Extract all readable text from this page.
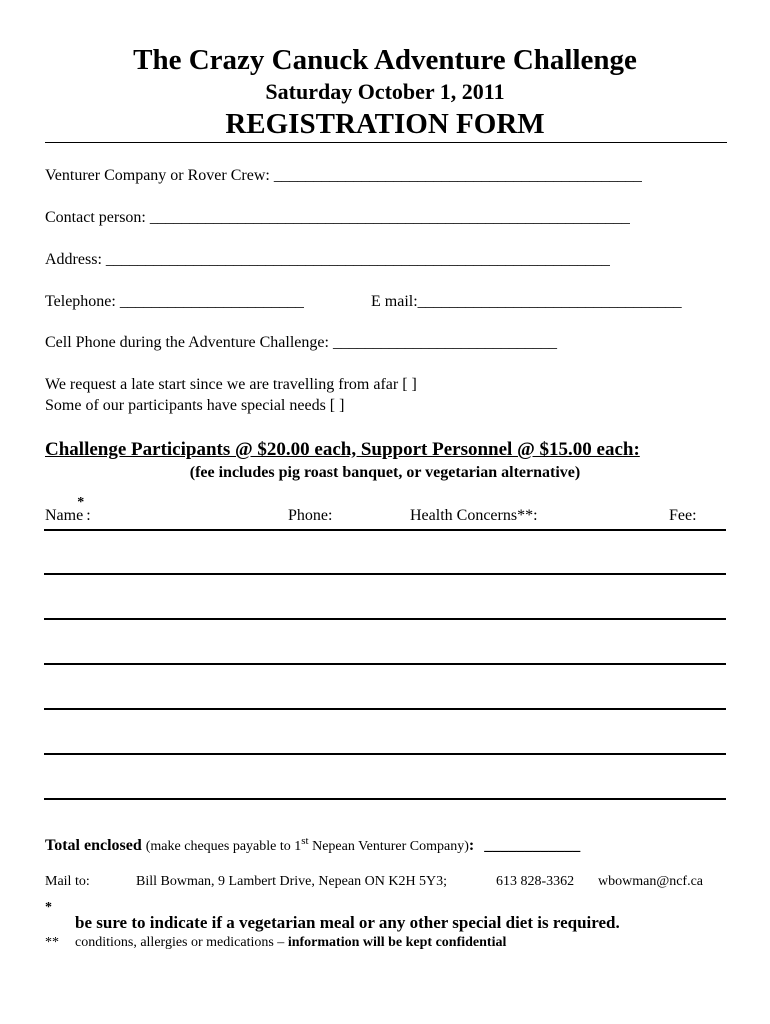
The Crazy Canuck Adventure Challenge
Saturday October 1, 2011
REGISTRATION FORM
Venturer Company or Rover Crew: ______________________________________________
Contact person: ____________________________________________________________
Address: _______________________________________________________________
Telephone: _______________________	E mail:_________________________________
Cell Phone during the Adventure Challenge: ____________________________
We request a late start since we are travelling from afar [ ]
Some of our participants have special needs [ ]
Challenge Participants @ $20.00 each, Support Personnel @ $15.00 each:
(fee includes pig roast banquet, or vegetarian alternative)
Name* :	Phone:	Health Concerns**:	Fee:
Total enclosed (make cheques payable to 1st Nepean Venturer Company): ____________
Mail to:	Bill Bowman, 9 Lambert Drive, Nepean ON K2H 5Y3;	613 828-3362 wbowman@ncf.ca
*
be sure to indicate if a vegetarian meal or any other special diet is required.
** conditions, allergies or medications – information will be kept confidential
